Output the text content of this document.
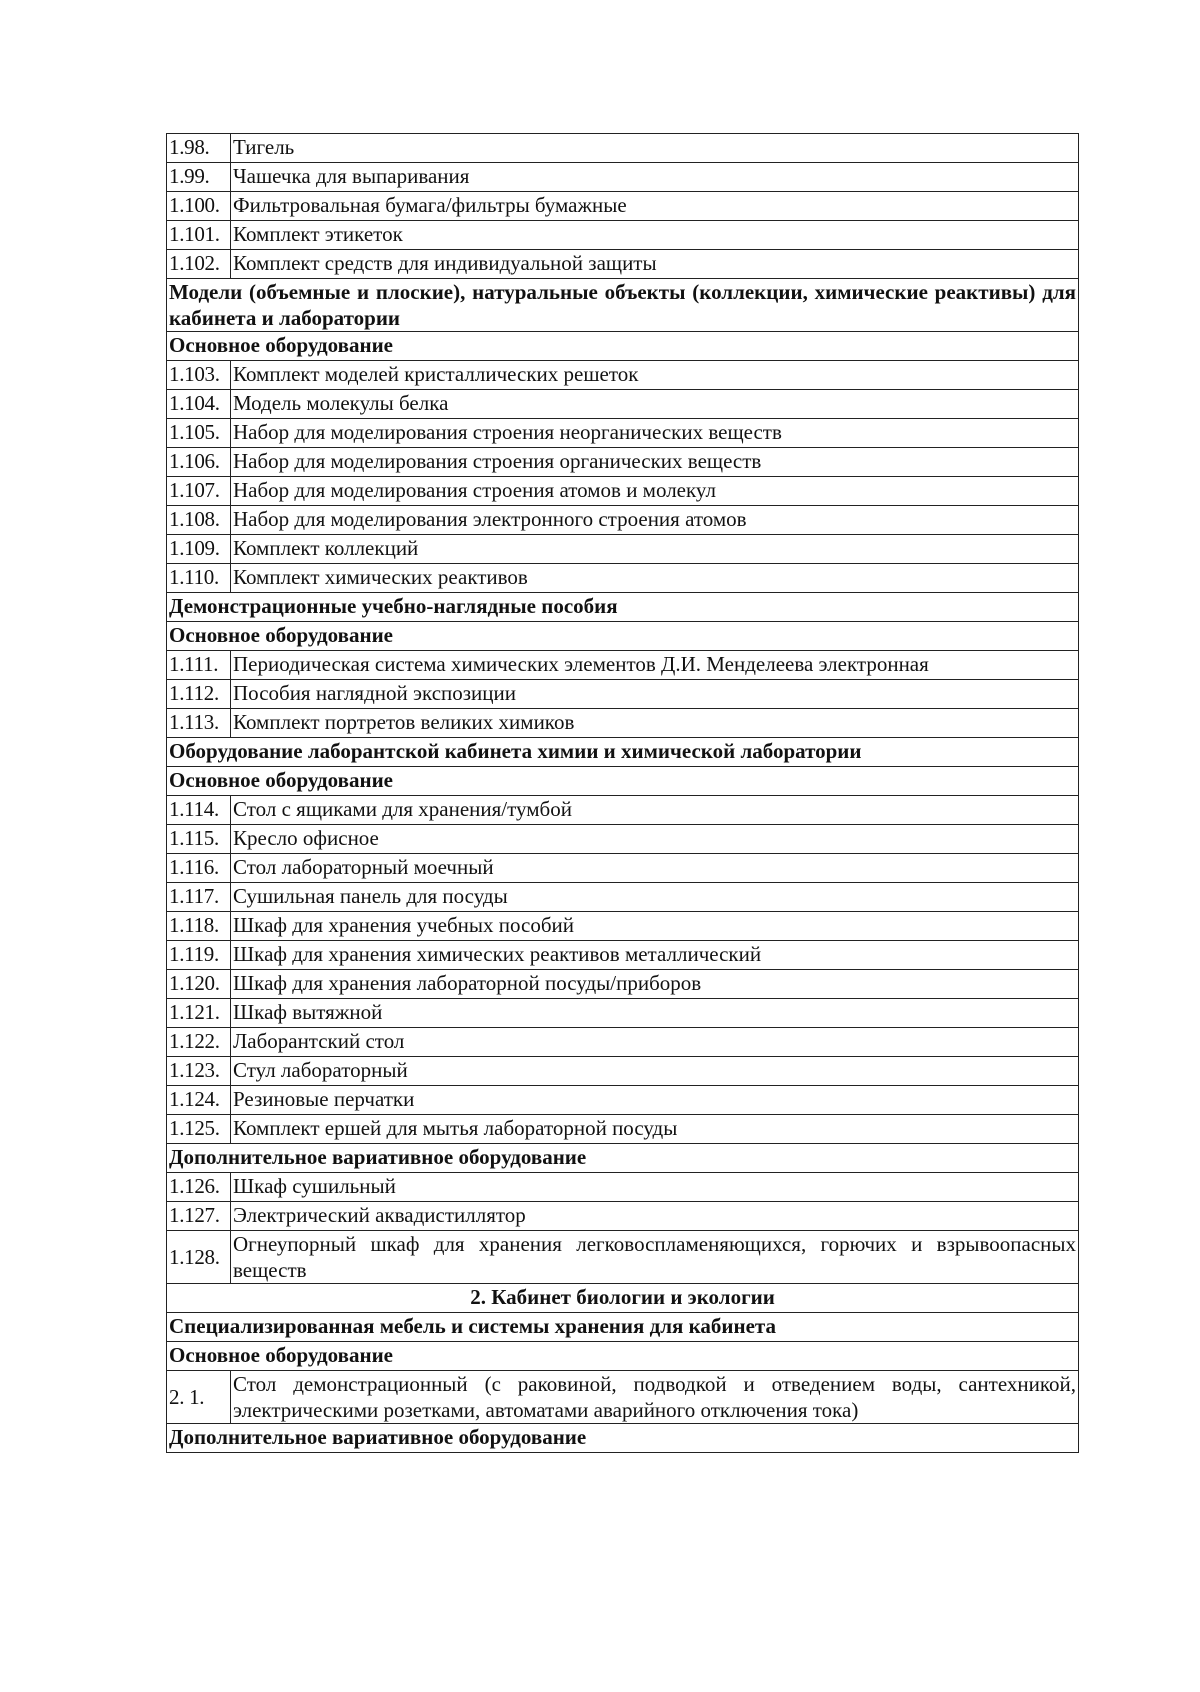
1.98.	Тигель
1.99.	Чашечка для выпаривания
1.100.	Фильтровальная бумага/фильтры бумажные
1.101.	Комплект этикеток
1.102.	Комплект средств для индивидуальной защиты
Модели (объемные и плоские), натуральные объекты (коллекции, химические реактивы) для кабинета и лаборатории	
Основное оборудование	
1.103.	Комплект моделей кристаллических решеток
1.104.	Модель молекулы белка
1.105.	Набор для моделирования строения неорганических веществ
1.106.	Набор для моделирования строения органических веществ
1.107.	Набор для моделирования строения атомов и молекул
1.108.	Набор для моделирования электронного строения атомов
1.109.	Комплект коллекций
1.110.	Комплект химических реактивов
Демонстрационные учебно-наглядные пособия	
Основное оборудование	
1.111.	Периодическая система химических элементов Д.И. Менделеева электронная
1.112.	Пособия наглядной экспозиции
1.113.	Комплект портретов великих химиков
Оборудование лаборантской кабинета химии и химической лаборатории	
Основное оборудование	
1.114.	Стол с ящиками для хранения/тумбой
1.115.	Кресло офисное
1.116.	Стол лабораторный моечный
1.117.	Сушильная панель для посуды
1.118.	Шкаф для хранения учебных пособий
1.119.	Шкаф для хранения химических реактивов металлический
1.120.	Шкаф для хранения лабораторной посуды/приборов
1.121.	Шкаф вытяжной
1.122.	Лаборантский стол
1.123.	Стул лабораторный
1.124.	Резиновые перчатки
1.125.	Комплект ершей для мытья лабораторной посуды
Дополнительное вариативное оборудование	
1.126.	Шкаф сушильный
1.127.	Электрический аквадистиллятор
1.128.	Огнеупорный шкаф для хранения легковоспламеняющихся, горючих и взрывоопасных веществ
2. Кабинет биологии и экологии	
Специализированная мебель и системы хранения для кабинета	
Основное оборудование	
2. 1.	Стол демонстрационный (с раковиной, подводкой и отведением воды, сантехникой, электрическими розетками, автоматами аварийного отключения тока)
Дополнительное вариативное оборудование	
